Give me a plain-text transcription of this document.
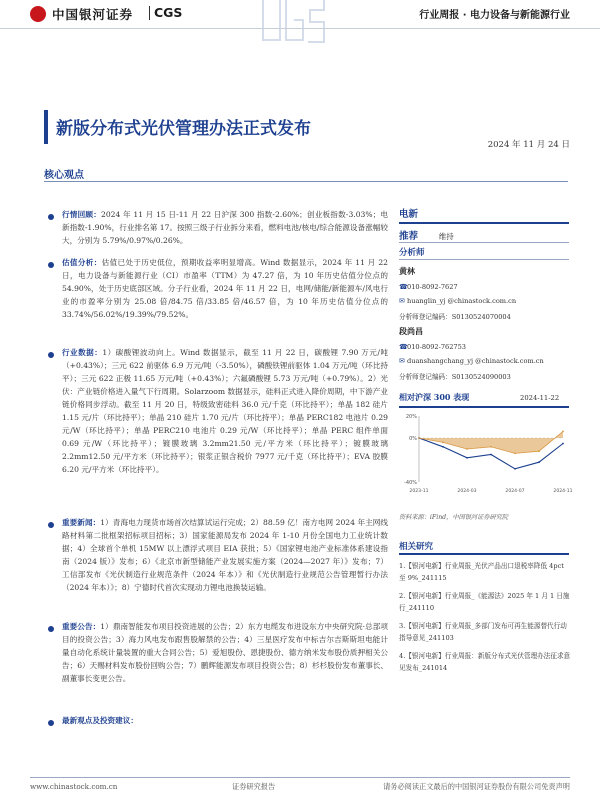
中国银河证券 CGS	行业周报 · 电力设备与新能源行业
新版分布式光伏管理办法正式发布
2024 年 11 月 24 日
核心观点
行情回顾：2024 年 11 月 15 日-11 月 22 日沪深 300 指数-2.60%；创业板指数-3.03%；电新指数-1.90%，行业排名第 17。按照三级子行业拆分来看，燃料电池/核电/综合能源设备涨幅较大，分别为 5.79%/0.97%/0.26%。
估值分析：估值已处于历史低位，预期收益率明显增高。Wind 数据显示，2024 年 11 月 22 日，电力设备与新能源行业（CI）市盈率（TTM）为 47.27 倍，为 10 年历史估值分位点的 54.90%，处于历史底部区域。分子行业看，2024 年 11 月 22 日，电网/储能/新能源车/风电行业的市盈率分别为 25.08 倍/84.75 倍/33.85 倍/46.57 倍，为 10 年历史估值分位点的 33.74%/56.02%/19.39%/79.52%。
行业数据：1）碳酸锂波动向上。Wind 数据显示，截至 11 月 22 日，碳酸锂 7.90 万元/吨（+0.43%）；三元 622 前驱体 6.9 万元/吨（-3.50%），磷酸铁锂前驱体 1.04 万元/吨（环比持平）；三元 622 正极 11.65 万元/吨（+0.43%）；六氟磷酸锂 5.73 万元/吨（+0.79%）。2）光伏：产业链价格进入量气下行周期。Solarzoom 数据显示，硅料正式进入降价周期，中下游产业链价格同步浮动。截至 11 月 20 日，特级致密硅料 36.0 元/千克（环比持平）；单晶 182 硅片 1.15 元/片（环比持平）；单晶 210 硅片 1.70 元/片（环比持平）；单晶 PERC182 电池片 0.29 元/W（环比持平）；单晶 PERC210 电池片 0.29 元/W（环比持平）；单晶 PERC 组件单面 0.69 元/W（环比持平）；镀膜玻璃 3.2mm21.50 元/平方米（环比持平）；镀膜玻璃 2.2mm12.50 元/平方米（环比持平）；银浆正银含税价 7977 元/千克（环比持平）；EVA 胶膜 6.20 元/平方米（环比持平）。
重要新闻：1）青海电力现货市场首次结算试运行完成；2）88.59 亿！南方电网 2024 年主网线路材料第二批框架招标项目招标；3）国家能源局发布 2024 年 1-10 月份全国电力工业统计数据；4）全球首个单机 15MW 以上漂浮式项目 EIA 获批；5）《国家锂电池产业标准体系建设指南（2024 版）》发布；6）《北京市新型储能产业发展实施方案（2024—2027 年）》发布；7）工信部发布《光伏制造行业规范条件（2024 年本）》和《光伏制造行业规范公告管理暂行办法（2024 年本）》；8）宁德时代首次实现动力锂电池换装运输。
重要公告：1）鼎南智能发布项目投资进展的公告；2）东方电缆发布进设东方中央研究院·总部项目的投资公告；3）海力风电发布跟售股解禁的公告；4）三星医疗发布中标吉尔吉斯斯坦电能计量自动化系统计量装置的重大合同公告；5）爱旭股份、恩捷股份、德方纳米发布股份质押相关公告；6）天赐材料发布股份回购公告；7）鹏辉能源发布项目投资公告；8）杉杉股份发布董事长、副董事长变更公告。
最新观点及投资建议：
电新
推荐	维持
分析师
黄林
☎010-8092-7627
✉ huanglin_yj @chinastock.com.cn
分析师登记编码：S0130524070004
段尚昌
☎010-8092-762753
✉ duanshangchang_yj @chinastock.com.cn
分析师登记编码：S0130524090003
相对沪深 300 表现	2024-11-22
-40%
0%
20%
2023-11	2024-03	2024-07	2024-11
资料来源：iFind，中国银河证券研究院
相关研究
1.【银河电新】行业周报_光伏产品出口退税率降低 4pct 至 9%_241115
2.【银河电新】行业周报_《能源法》2025 年 1 月 1 日施行_241110
3.【银河电新】行业周报_多部门发布可再生能源替代行动指导意见_241103
4.【银河电新】行业周报：新版分布式光伏管理办法征求意见发布_241014
www.chinastock.com.cn	证券研究报告	请务必阅读正文最后的中国银河证券股份有限公司免责声明
